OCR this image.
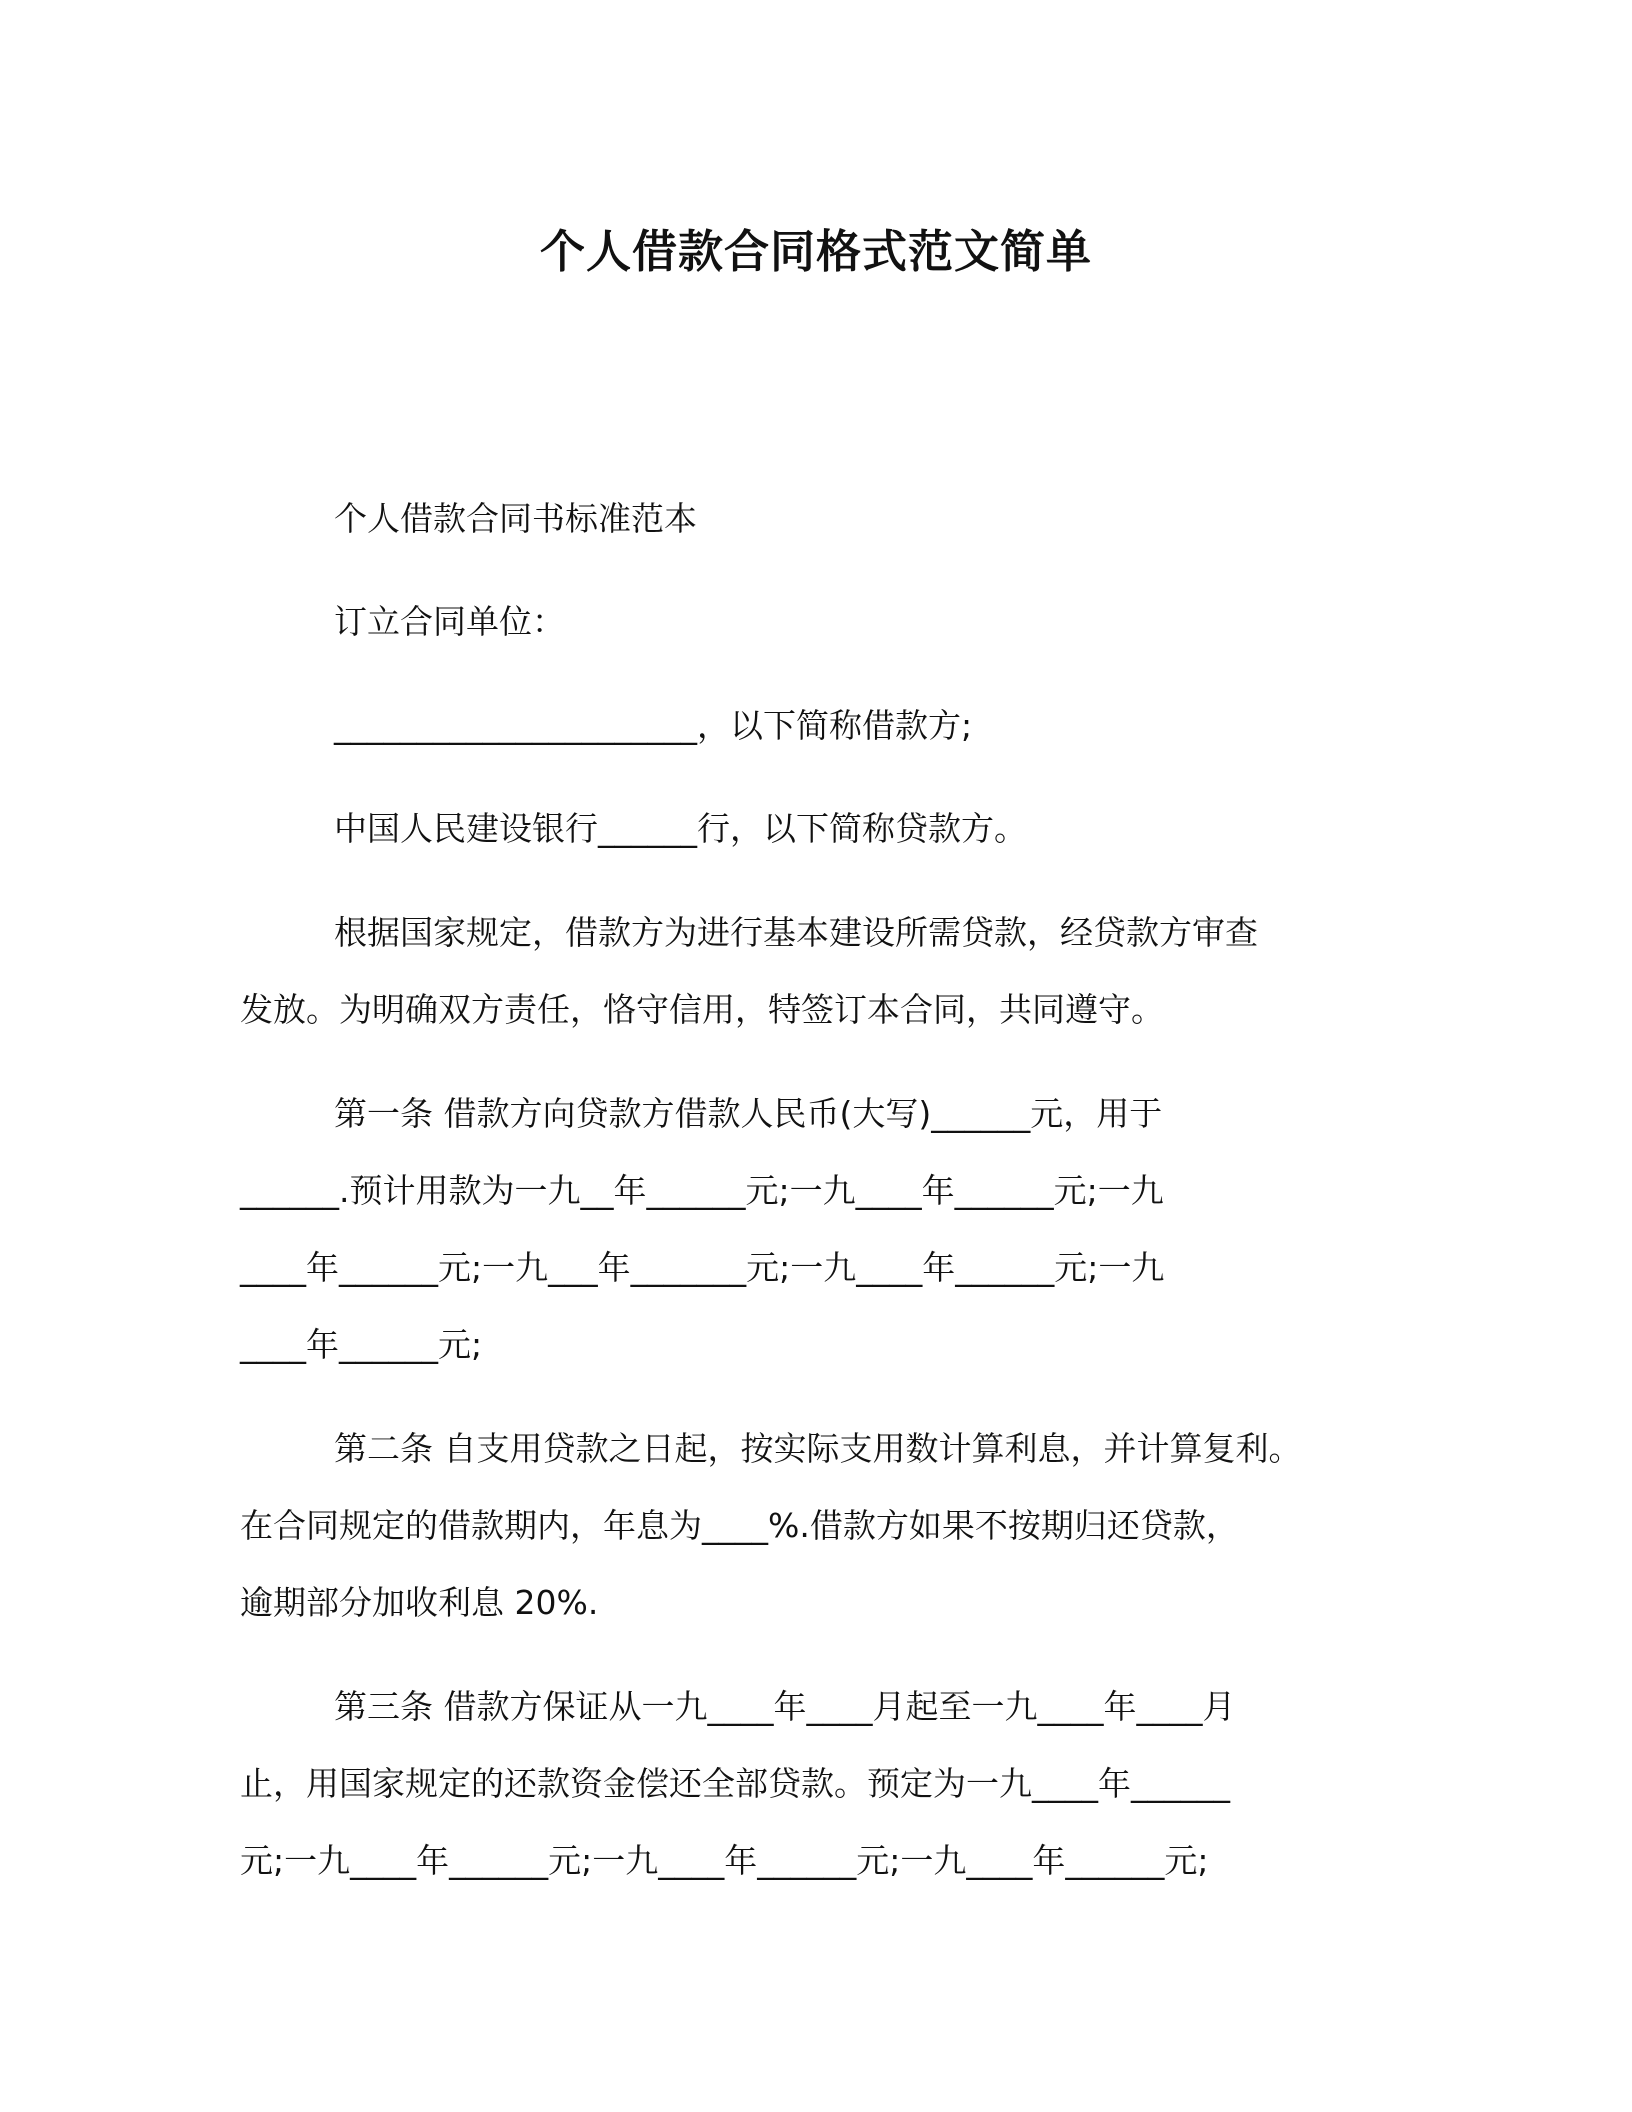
个人借款合同格式范文简单
个人借款合同书标准范本
订立合同单位：
______________________，以下简称借款方;
中国人民建设银行______行，以下简称贷款方。
根据国家规定，借款方为进行基本建设所需贷款，经贷款方审查
发放。为明确双方责任，恪守信用，特签订本合同，共同遵守。
第一条 借款方向贷款方借款人民币(大写)______元，用于
______.预计用款为一九__年______元;一九____年______元;一九
____年______元;一九___年_______元;一九____年______元;一九
____年______元;
第二条 自支用贷款之日起，按实际支用数计算利息，并计算复利。
在合同规定的借款期内，年息为____%.借款方如果不按期归还贷款，
逾期部分加收利息 20%.
第三条 借款方保证从一九____年____月起至一九____年____月
止，用国家规定的还款资金偿还全部贷款。预定为一九____年______
元;一九____年______元;一九____年______元;一九____年______元;
